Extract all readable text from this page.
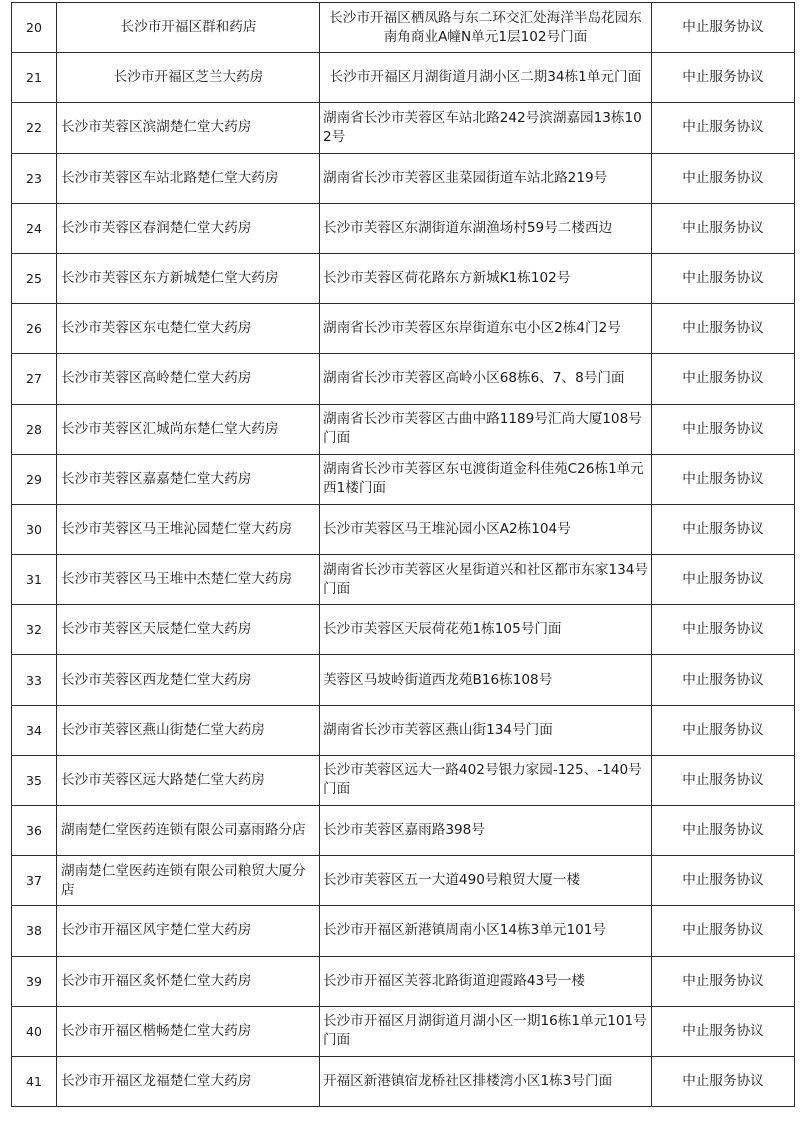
20	长沙市开福区群和药店	长沙市开福区栖凤路与东二环交汇处海洋半岛花园东南角商业A幢N单元1层102号门面	中止服务协议
21	长沙市开福区芝兰大药房	长沙市开福区月湖街道月湖小区二期34栋1单元门面	中止服务协议
22	长沙市芙蓉区滨湖楚仁堂大药房	湖南省长沙市芙蓉区车站北路242号滨湖嘉园13栋102号	中止服务协议
23	长沙市芙蓉区车站北路楚仁堂大药房	湖南省长沙市芙蓉区韭菜园街道车站北路219号	中止服务协议
24	长沙市芙蓉区春润楚仁堂大药房	长沙市芙蓉区东湖街道东湖渔场村59号二楼西边	中止服务协议
25	长沙市芙蓉区东方新城楚仁堂大药房	长沙市芙蓉区荷花路东方新城K1栋102号	中止服务协议
26	长沙市芙蓉区东屯楚仁堂大药房	湖南省长沙市芙蓉区东岸街道东屯小区2栋4门2号	中止服务协议
27	长沙市芙蓉区高岭楚仁堂大药房	湖南省长沙市芙蓉区高岭小区68栋6、7、8号门面	中止服务协议
28	长沙市芙蓉区汇城尚东楚仁堂大药房	湖南省长沙市芙蓉区古曲中路1189号汇尚大厦108号门面	中止服务协议
29	长沙市芙蓉区嘉嘉楚仁堂大药房	湖南省长沙市芙蓉区东屯渡街道金科佳苑C26栋1单元西1楼门面	中止服务协议
30	长沙市芙蓉区马王堆沁园楚仁堂大药房	长沙市芙蓉区马王堆沁园小区A2栋104号	中止服务协议
31	长沙市芙蓉区马王堆中杰楚仁堂大药房	湖南省长沙市芙蓉区火星街道兴和社区都市东家134号门面	中止服务协议
32	长沙市芙蓉区天辰楚仁堂大药房	长沙市芙蓉区天辰荷花苑1栋105号门面	中止服务协议
33	长沙市芙蓉区西龙楚仁堂大药房	芙蓉区马坡岭街道西龙苑B16栋108号	中止服务协议
34	长沙市芙蓉区燕山街楚仁堂大药房	湖南省长沙市芙蓉区燕山街134号门面	中止服务协议
35	长沙市芙蓉区远大路楚仁堂大药房	长沙市芙蓉区远大一路402号银力家园-125、-140号门面	中止服务协议
36	湖南楚仁堂医药连锁有限公司嘉雨路分店	长沙市芙蓉区嘉雨路398号	中止服务协议
37	湖南楚仁堂医药连锁有限公司粮贸大厦分店	长沙市芙蓉区五一大道490号粮贸大厦一楼	中止服务协议
38	长沙市开福区风宇楚仁堂大药房	长沙市开福区新港镇周南小区14栋3单元101号	中止服务协议
39	长沙市开福区炙怀楚仁堂大药房	长沙市开福区芙蓉北路街道迎霞路43号一楼	中止服务协议
40	长沙市开福区楷畅楚仁堂大药房	长沙市开福区月湖街道月湖小区一期16栋1单元101号门面	中止服务协议
41	长沙市开福区龙福楚仁堂大药房	开福区新港镇宿龙桥社区排楼湾小区1栋3号门面	中止服务协议
